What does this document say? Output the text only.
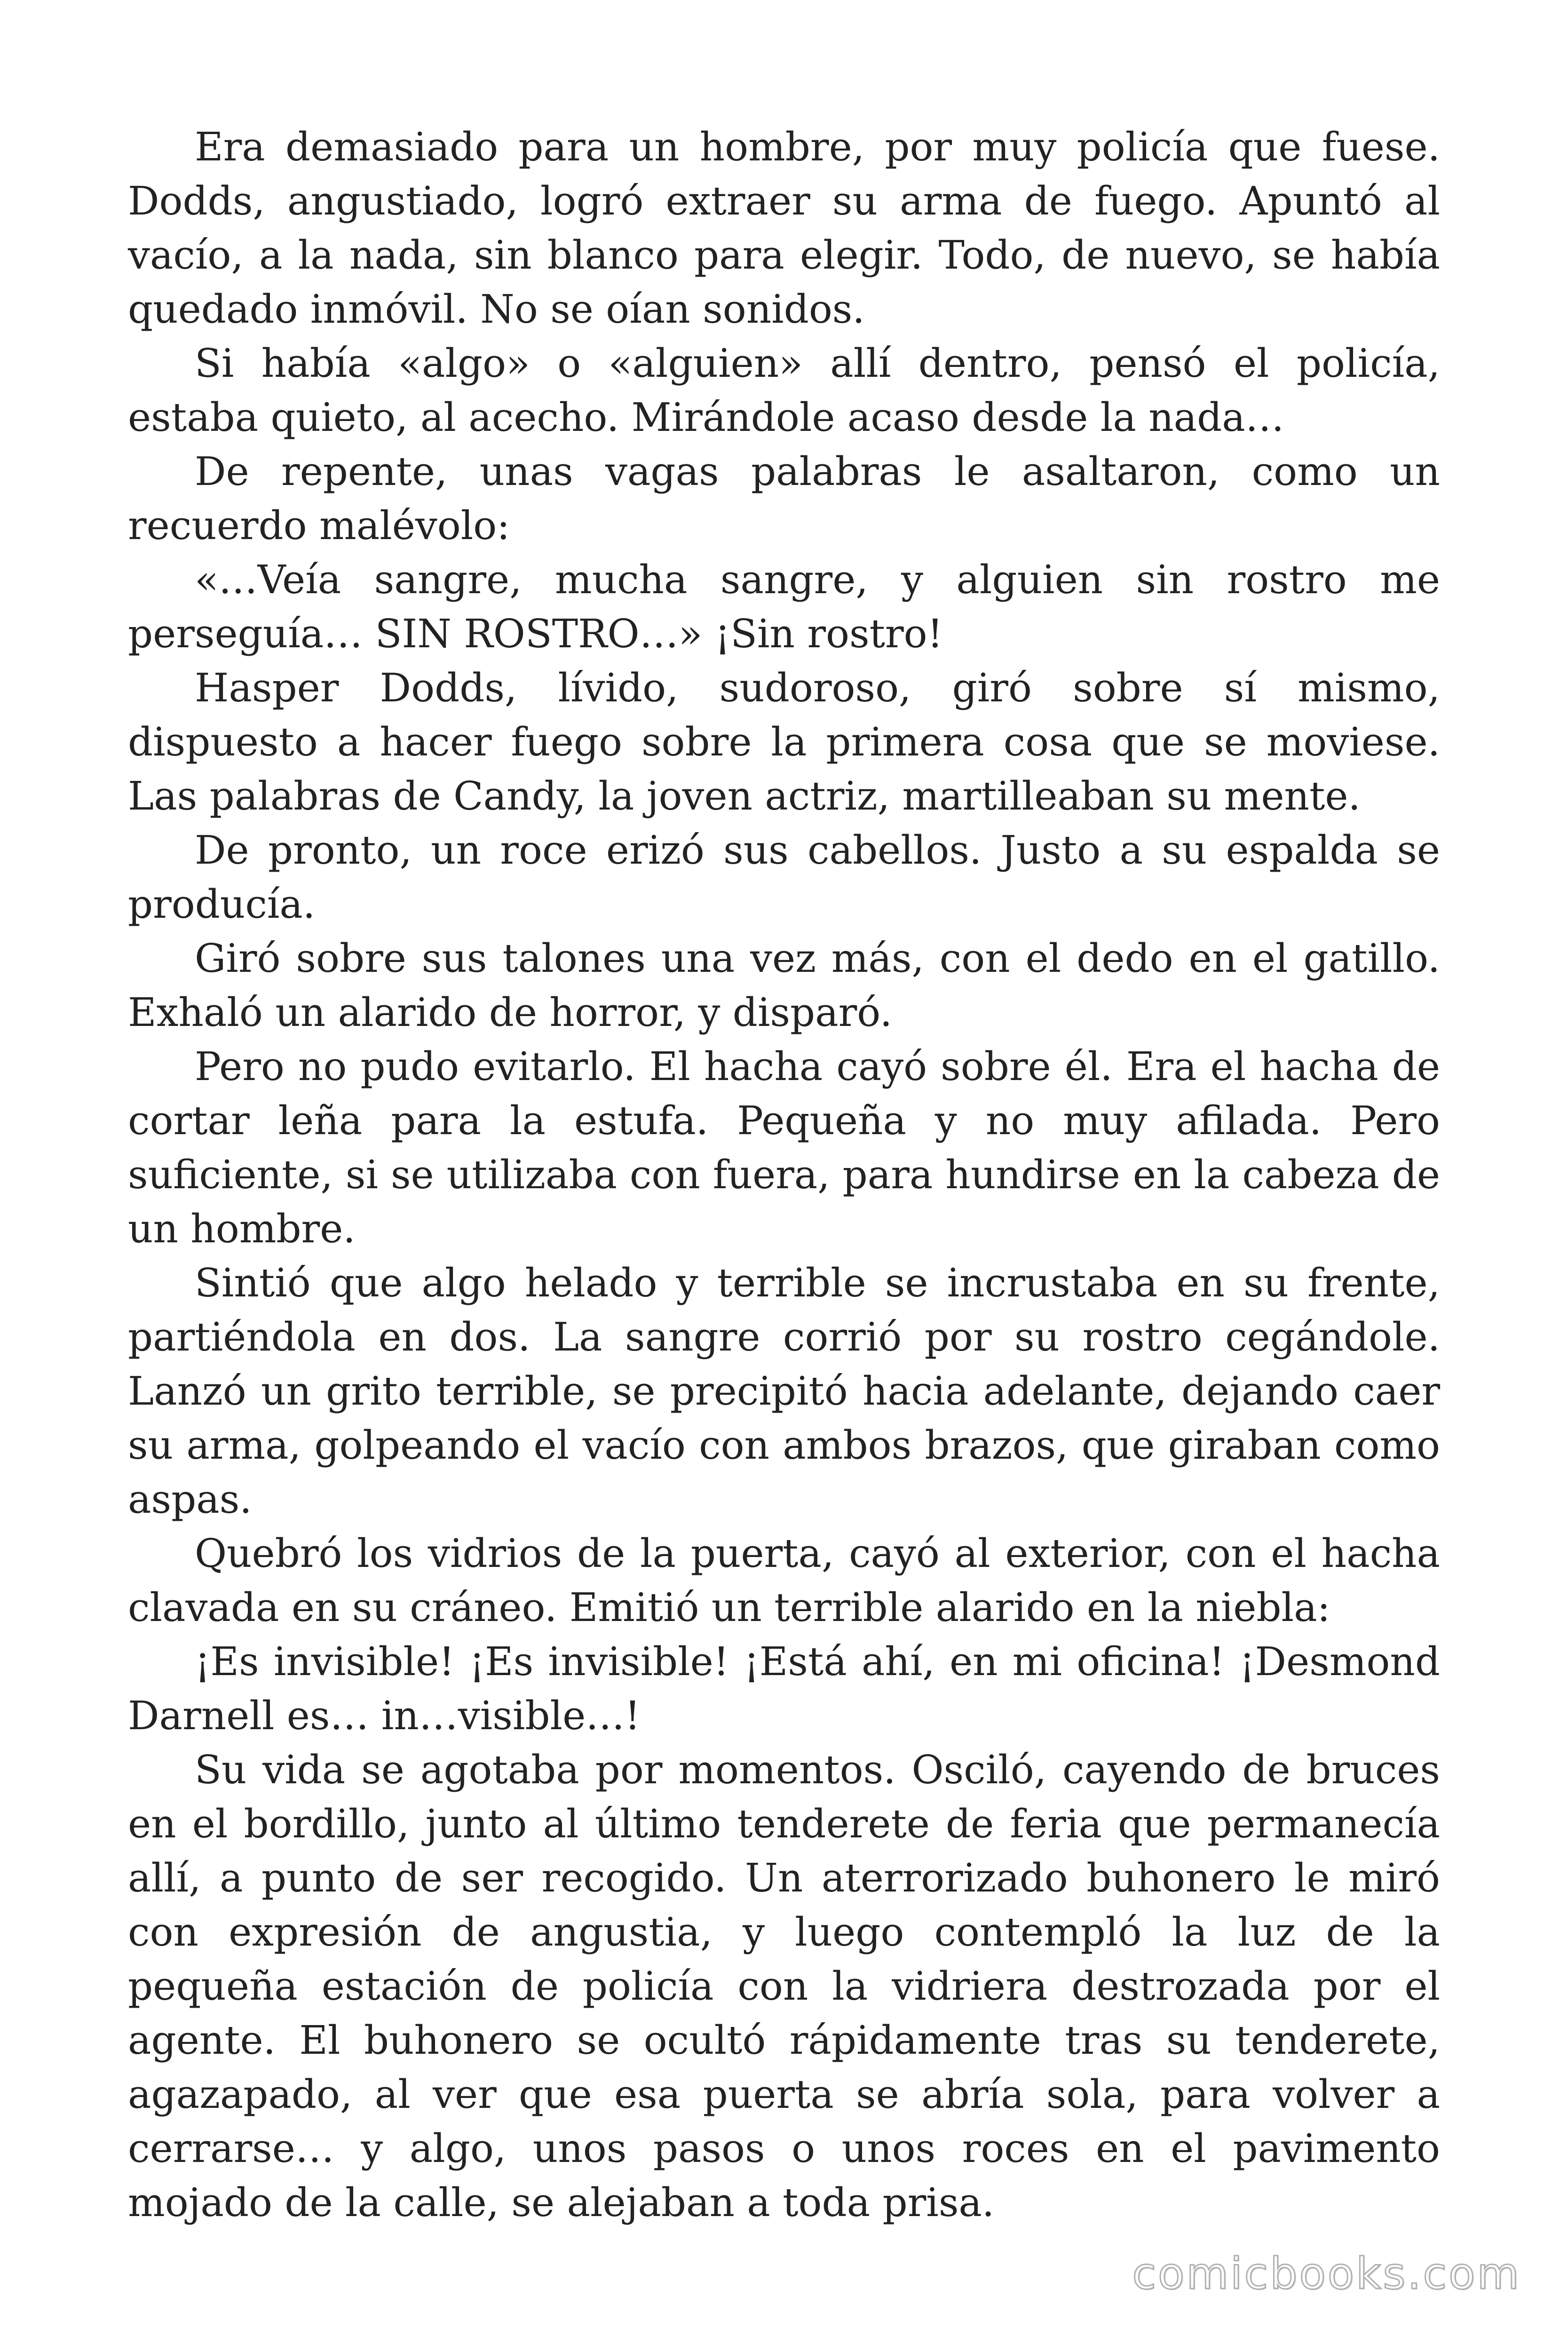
Era demasiado para un hombre, por muy policía que fuese. Dodds, angustiado, logró extraer su arma de fuego. Apuntó al vacío, a la nada, sin blanco para elegir. Todo, de nuevo, se había quedado inmóvil. No se oían sonidos.

Si había «algo» o «alguien» allí dentro, pensó el policía, estaba quieto, al acecho. Mirándole acaso desde la nada…

De repente, unas vagas palabras le asaltaron, como un recuerdo malévolo:

«…Veía sangre, mucha sangre, y alguien sin rostro me perseguía… SIN ROSTRO…» ¡Sin rostro!

Hasper Dodds, lívido, sudoroso, giró sobre sí mismo, dispuesto a hacer fuego sobre la primera cosa que se moviese. Las palabras de Candy, la joven actriz, martilleaban su mente.

De pronto, un roce erizó sus cabellos. Justo a su espalda se producía.

Giró sobre sus talones una vez más, con el dedo en el gatillo. Exhaló un alarido de horror, y disparó.

Pero no pudo evitarlo. El hacha cayó sobre él. Era el hacha de cortar leña para la estufa. Pequeña y no muy afilada. Pero suficiente, si se utilizaba con fuera, para hundirse en la cabeza de un hombre.

Sintió que algo helado y terrible se incrustaba en su frente, partiéndola en dos. La sangre corrió por su rostro cegándole. Lanzó un grito terrible, se precipitó hacia adelante, dejando caer su arma, golpeando el vacío con ambos brazos, que giraban como aspas.

Quebró los vidrios de la puerta, cayó al exterior, con el hacha clavada en su cráneo. Emitió un terrible alarido en la niebla:

¡Es invisible! ¡Es invisible! ¡Está ahí, en mi oficina! ¡Desmond Darnell es… in…visible…!

Su vida se agotaba por momentos. Osciló, cayendo de bruces en el bordillo, junto al último tenderete de feria que permanecía allí, a punto de ser recogido. Un aterrorizado buhonero le miró con expresión de angustia, y luego contempló la luz de la pequeña estación de policía con la vidriera destrozada por el agente. El buhonero se ocultó rápidamente tras su tenderete, agazapado, al ver que esa puerta se abría sola, para volver a cerrarse… y algo, unos pasos o unos roces en el pavimento mojado de la calle, se alejaban a toda prisa.

comicbooks.com
